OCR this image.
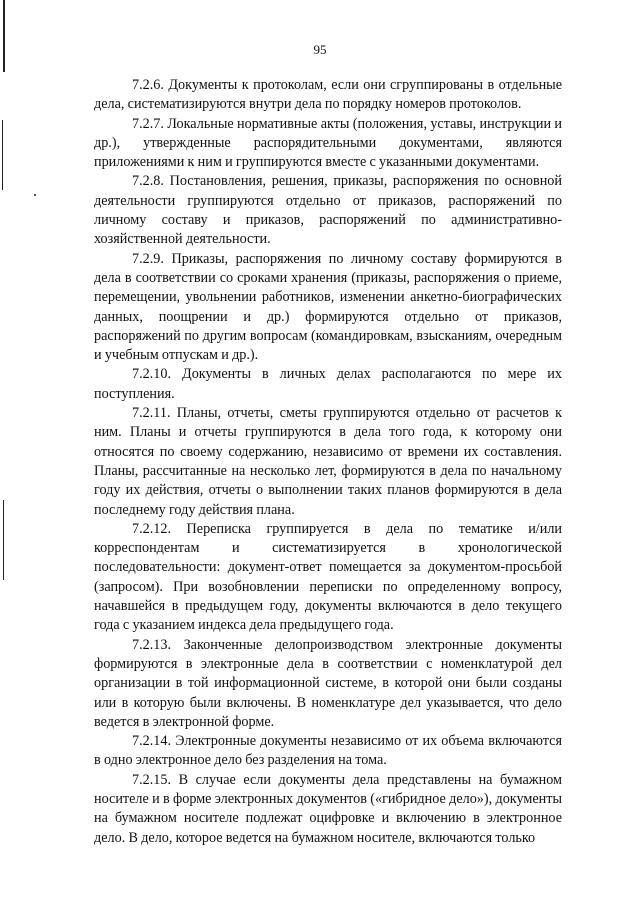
95

7.2.6. Документы к протоколам, если они сгруппированы в отдельные дела, систематизируются внутри дела по порядку номеров протоколов.

7.2.7. Локальные нормативные акты (положения, уставы, инструкции и др.), утвержденные распорядительными документами, являются приложениями к ним и группируются вместе с указанными документами.

7.2.8. Постановления, решения, приказы, распоряжения по основной деятельности группируются отдельно от приказов, распоряжений по личному составу и приказов, распоряжений по административно-хозяйственной деятельности.

7.2.9. Приказы, распоряжения по личному составу формируются в дела в соответствии со сроками хранения (приказы, распоряжения о приеме, перемещении, увольнении работников, изменении анкетно-биографических данных, поощрении и др.) формируются отдельно от приказов, распоряжений по другим вопросам (командировкам, взысканиям, очередным и учебным отпускам и др.).

7.2.10. Документы в личных делах располагаются по мере их поступления.

7.2.11. Планы, отчеты, сметы группируются отдельно от расчетов к ним. Планы и отчеты группируются в дела того года, к которому они относятся по своему содержанию, независимо от времени их составления. Планы, рассчитанные на несколько лет, формируются в дела по начальному году их действия, отчеты о выполнении таких планов формируются в дела последнему году действия плана.

7.2.12. Переписка группируется в дела по тематике и/или корреспондентам и систематизируется в хронологической последовательности: документ-ответ помещается за документом-просьбой (запросом). При возобновлении переписки по определенному вопросу, начавшейся в предыдущем году, документы включаются в дело текущего года с указанием индекса дела предыдущего года.

7.2.13. Законченные делопроизводством электронные документы формируются в электронные дела в соответствии с номенклатурой дел организации в той информационной системе, в которой они были созданы или в которую были включены. В номенклатуре дел указывается, что дело ведется в электронной форме.

7.2.14. Электронные документы независимо от их объема включаются в одно электронное дело без разделения на тома.

7.2.15. В случае если документы дела представлены на бумажном носителе и в форме электронных документов («гибридное дело»), документы на бумажном носителе подлежат оцифровке и включению в электронное дело. В дело, которое ведется на бумажном носителе, включаются только
